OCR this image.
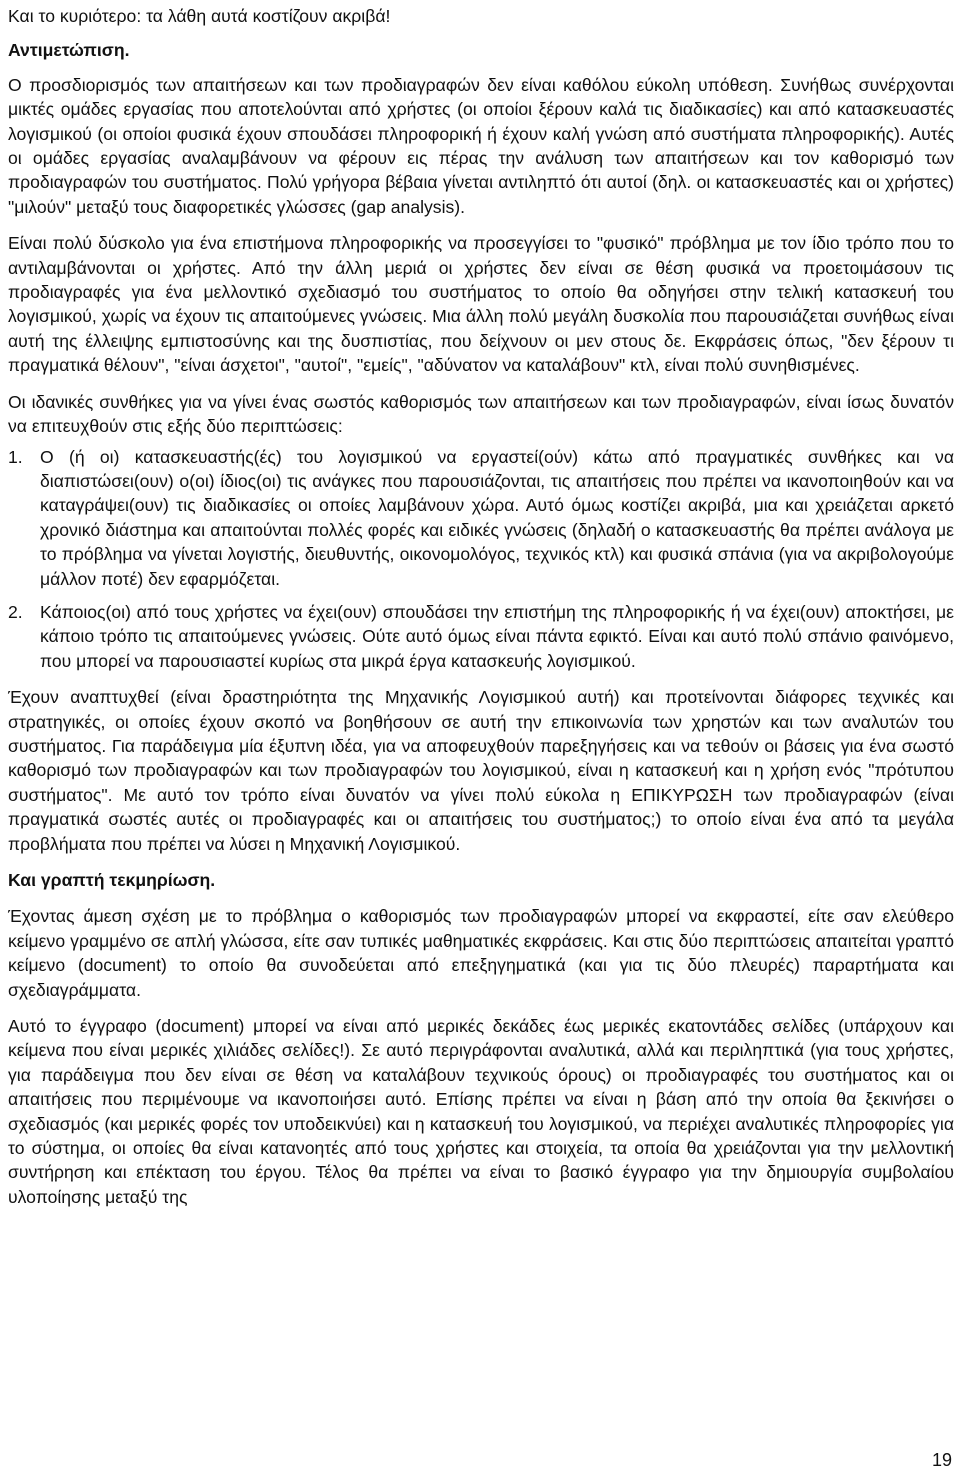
Και το κυριότερο: τα λάθη αυτά κοστίζουν ακριβά!

Αντιμετώπιση.

Ο προσδιορισμός των απαιτήσεων και των προδιαγραφών δεν είναι καθόλου εύκολη υπόθεση. Συνήθως συνέρχονται μικτές ομάδες εργασίας που αποτελούνται από χρήστες (οι οποίοι ξέρουν καλά τις διαδικασίες) και από κατασκευαστές λογισμικού (οι οποίοι φυσικά έχουν σπουδάσει πληροφορική ή έχουν καλή γνώση από συστήματα πληροφορικής). Αυτές οι ομάδες εργασίας αναλαμβάνουν να φέρουν εις πέρας την ανάλυση των απαιτήσεων και τον καθορισμό των προδιαγραφών του συστήματος. Πολύ γρήγορα βέβαια γίνεται αντιληπτό ότι αυτοί (δηλ. οι κατασκευαστές και οι χρήστες) "μιλούν" μεταξύ τους διαφορετικές γλώσσες (gap analysis).

Είναι πολύ δύσκολο για ένα επιστήμονα πληροφορικής να προσεγγίσει το "φυσικό" πρόβλημα με τον ίδιο τρόπο που το αντιλαμβάνονται οι χρήστες. Από την άλλη μεριά οι χρήστες δεν είναι σε θέση φυσικά να προετοιμάσουν τις προδιαγραφές για ένα μελλοντικό σχεδιασμό του συστήματος το οποίο θα οδηγήσει στην τελική κατασκευή του λογισμικού, χωρίς να έχουν τις απαιτούμενες γνώσεις. Μια άλλη πολύ μεγάλη δυσκολία που παρουσιάζεται συνήθως είναι αυτή της έλλειψης εμπιστοσύνης και της δυσπιστίας, που δείχνουν οι μεν στους δε. Εκφράσεις όπως, "δεν ξέρουν τι πραγματικά θέλουν", "είναι άσχετοι", "αυτοί", "εμείς", "αδύνατον να καταλάβουν" κτλ, είναι πολύ συνηθισμένες.

Οι ιδανικές συνθήκες για να γίνει ένας σωστός καθορισμός των απαιτήσεων και των προδιαγραφών, είναι ίσως δυνατόν να επιτευχθούν στις εξής δύο περιπτώσεις:

1. Ο (ή οι) κατασκευαστής(ές) του λογισμικού να εργαστεί(ούν) κάτω από πραγματικές συνθήκες και να διαπιστώσει(ουν) ο(οι) ίδιος(οι) τις ανάγκες που παρουσιάζονται, τις απαιτήσεις που πρέπει να ικανοποιηθούν και να καταγράψει(ουν) τις διαδικασίες οι οποίες λαμβάνουν χώρα. Αυτό όμως κοστίζει ακριβά, μια και χρειάζεται αρκετό χρονικό διάστημα και απαιτούνται πολλές φορές και ειδικές γνώσεις (δηλαδή ο κατασκευαστής θα πρέπει ανάλογα με το πρόβλημα να γίνεται λογιστής, διευθυντής, οικονομολόγος, τεχνικός κτλ) και φυσικά σπάνια (για να ακριβολογούμε μάλλον ποτέ) δεν εφαρμόζεται.

2. Κάποιος(οι) από τους χρήστες να έχει(ουν) σπουδάσει την επιστήμη της πληροφορικής ή να έχει(ουν) αποκτήσει, με κάποιο τρόπο τις απαιτούμενες γνώσεις. Ούτε αυτό όμως είναι πάντα εφικτό. Είναι και αυτό πολύ σπάνιο φαινόμενο, που μπορεί να παρουσιαστεί κυρίως στα μικρά έργα κατασκευής λογισμικού.

Έχουν αναπτυχθεί (είναι δραστηριότητα της Μηχανικής Λογισμικού αυτή) και προτείνονται διάφορες τεχνικές και στρατηγικές, οι οποίες έχουν σκοπό να βοηθήσουν σε αυτή την επικοινωνία των χρηστών και των αναλυτών του συστήματος. Για παράδειγμα μία έξυπνη ιδέα, για να αποφευχθούν παρεξηγήσεις και να τεθούν οι βάσεις για ένα σωστό καθορισμό των προδιαγραφών και των προδιαγραφών του λογισμικού, είναι η κατασκευή και η χρήση ενός "πρότυπου συστήματος". Με αυτό τον τρόπο είναι δυνατόν να γίνει πολύ εύκολα η ΕΠΙΚΥΡΩΣΗ των προδιαγραφών (είναι πραγματικά σωστές αυτές οι προδιαγραφές και οι απαιτήσεις του συστήματος;) το οποίο είναι ένα από τα μεγάλα προβλήματα που πρέπει να λύσει η Μηχανική Λογισμικού.

Και γραπτή τεκμηρίωση.

Έχοντας άμεση σχέση με το πρόβλημα ο καθορισμός των προδιαγραφών μπορεί να εκφραστεί, είτε σαν ελεύθερο κείμενο γραμμένο σε απλή γλώσσα, είτε σαν τυπικές μαθηματικές εκφράσεις. Και στις δύο περιπτώσεις απαιτείται γραπτό κείμενο (document) το οποίο θα συνοδεύεται από επεξηγηματικά (και για τις δύο πλευρές) παραρτήματα και σχεδιαγράμματα.

Αυτό το έγγραφο (document) μπορεί να είναι από μερικές δεκάδες έως μερικές εκατοντάδες σελίδες (υπάρχουν και κείμενα που είναι μερικές χιλιάδες σελίδες!). Σε αυτό περιγράφονται αναλυτικά, αλλά και περιληπτικά (για τους χρήστες, για παράδειγμα που δεν είναι σε θέση να καταλάβουν τεχνικούς όρους) οι προδιαγραφές του συστήματος και οι απαιτήσεις που περιμένουμε να ικανοποιήσει αυτό. Επίσης πρέπει να είναι η βάση από την οποία θα ξεκινήσει ο σχεδιασμός (και μερικές φορές τον υποδεικνύει) και η κατασκευή του λογισμικού, να περιέχει αναλυτικές πληροφορίες για το σύστημα, οι οποίες θα είναι κατανοητές από τους χρήστες και στοιχεία, τα οποία θα χρειάζονται για την μελλοντική συντήρηση και επέκταση του έργου. Τέλος θα πρέπει να είναι το βασικό έγγραφο για την δημιουργία συμβολαίου υλοποίησης μεταξύ της

19
